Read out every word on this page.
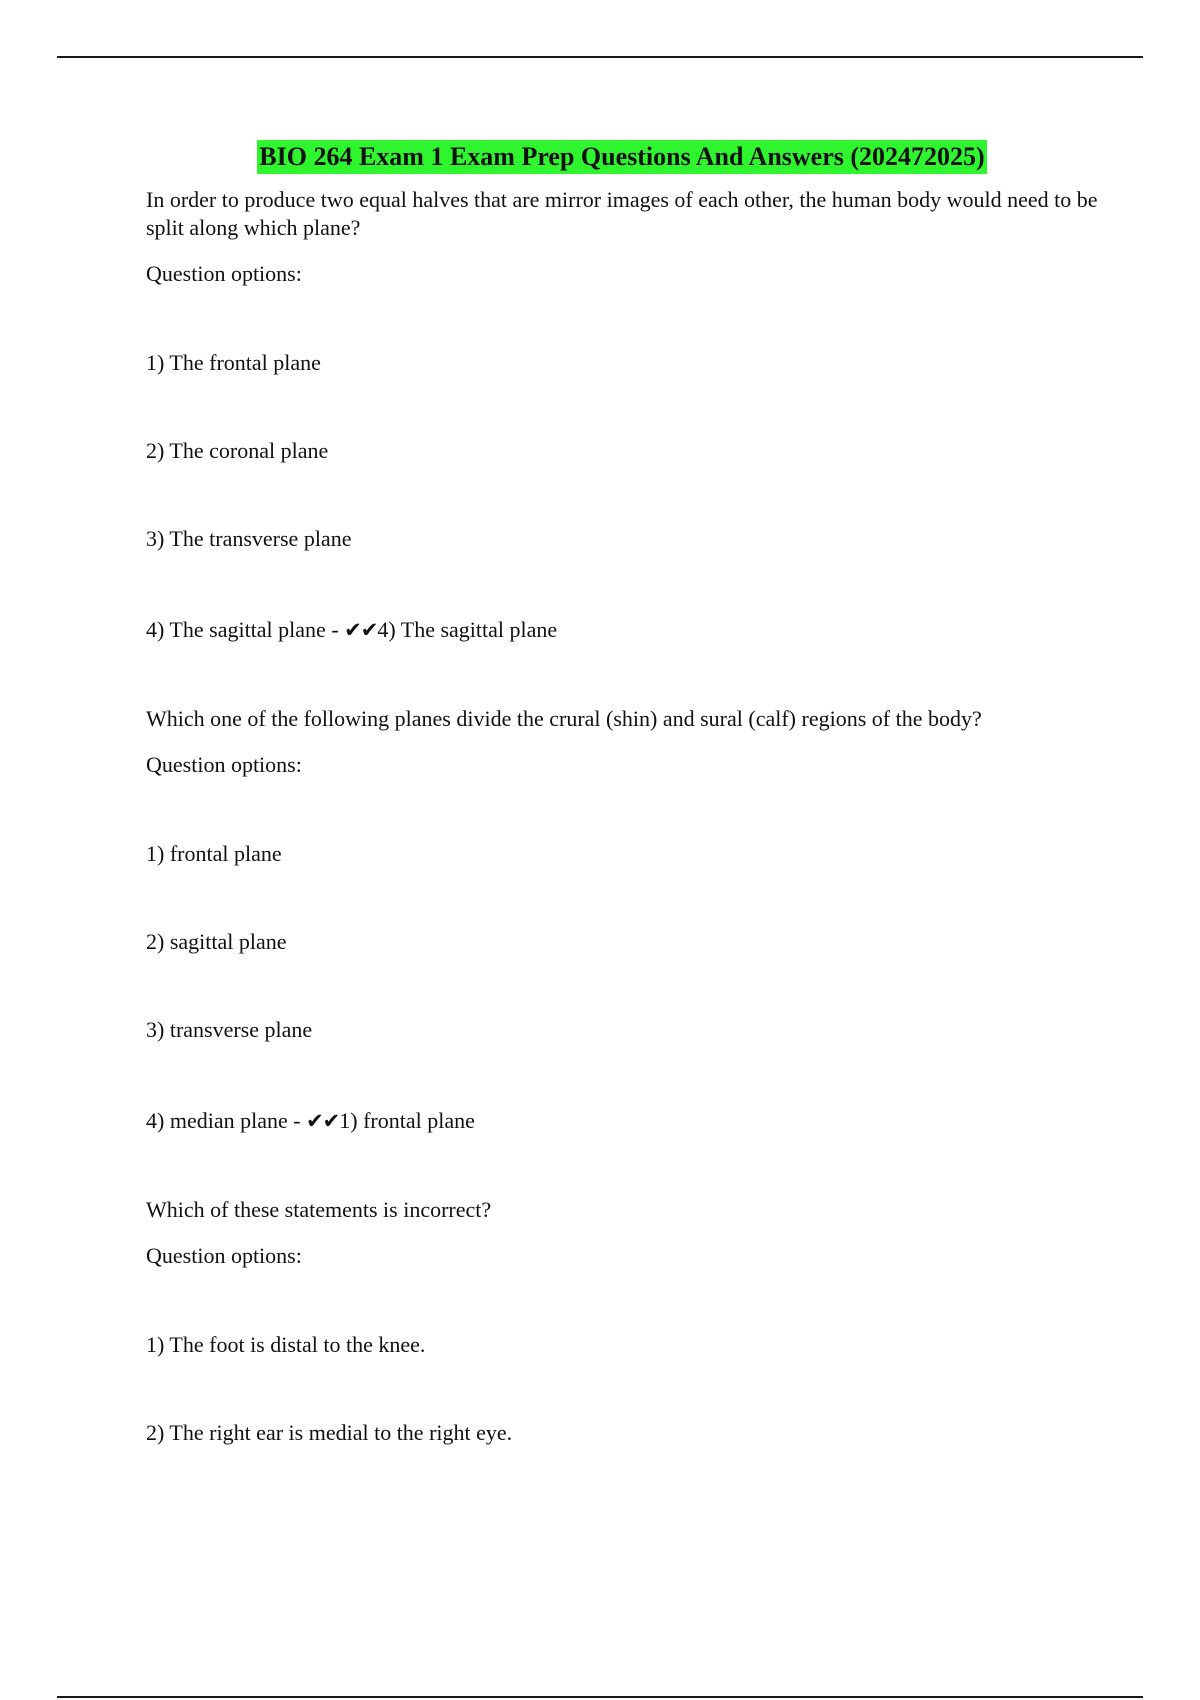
BIO 264 Exam 1 Exam Prep Questions And Answers (202472025)

In order to produce two equal halves that are mirror images of each other, the human body would need to be split along which plane?

Question options:

1) The frontal plane

2) The coronal plane

3) The transverse plane

4) The sagittal plane - ✔✔4) The sagittal plane

Which one of the following planes divide the crural (shin) and sural (calf) regions of the body?

Question options:

1) frontal plane

2) sagittal plane

3) transverse plane

4) median plane - ✔✔1) frontal plane

Which of these statements is incorrect?

Question options:

1) The foot is distal to the knee.

2) The right ear is medial to the right eye.
